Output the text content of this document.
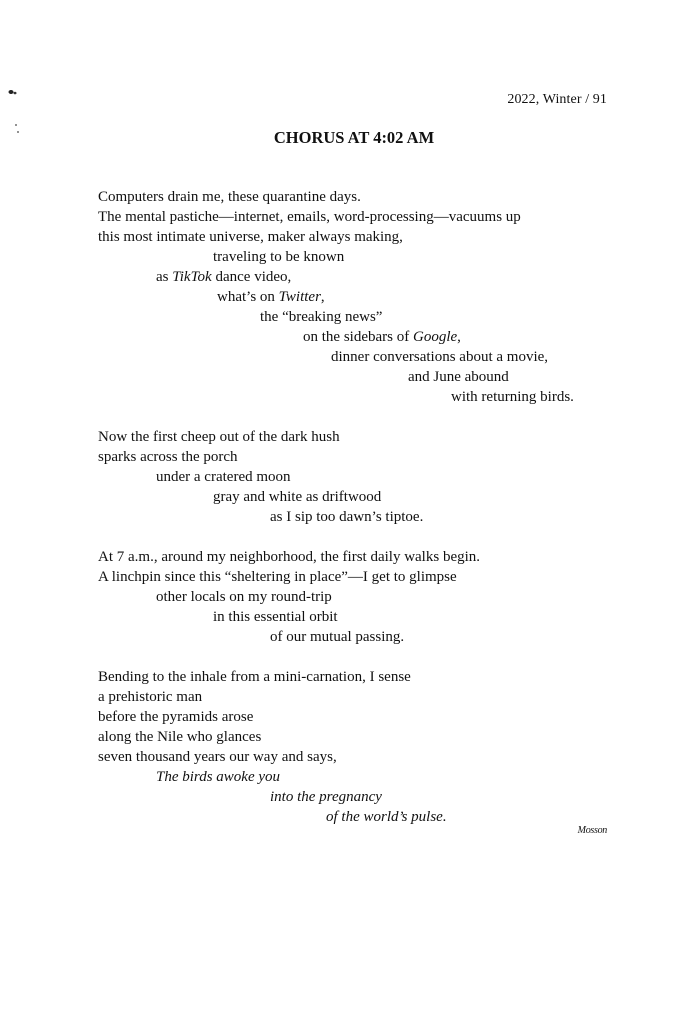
2022, Winter / 91
CHORUS AT 4:02 AM
Computers drain me, these quarantine days.
The mental pastiche—internet, emails, word-processing—vacuums up
this most intimate universe, maker always making,
traveling to be known
as TikTok dance video,
what’s on Twitter,
the “breaking news”
on the sidebars of Google,
dinner conversations about a movie,
and June abound
with returning birds.
Now the first cheep out of the dark hush
sparks across the porch
under a cratered moon
gray and white as driftwood
as I sip too dawn’s tiptoe.
At 7 a.m., around my neighborhood, the first daily walks begin.
A linchpin since this “sheltering in place”—I get to glimpse
other locals on my round-trip
in this essential orbit
of our mutual passing.
Bending to the inhale from a mini-carnation, I sense
a prehistoric man
before the pyramids arose
along the Nile who glances
seven thousand years our way and says,
The birds awoke you
into the pregnancy
of the world’s pulse.
Mosson
